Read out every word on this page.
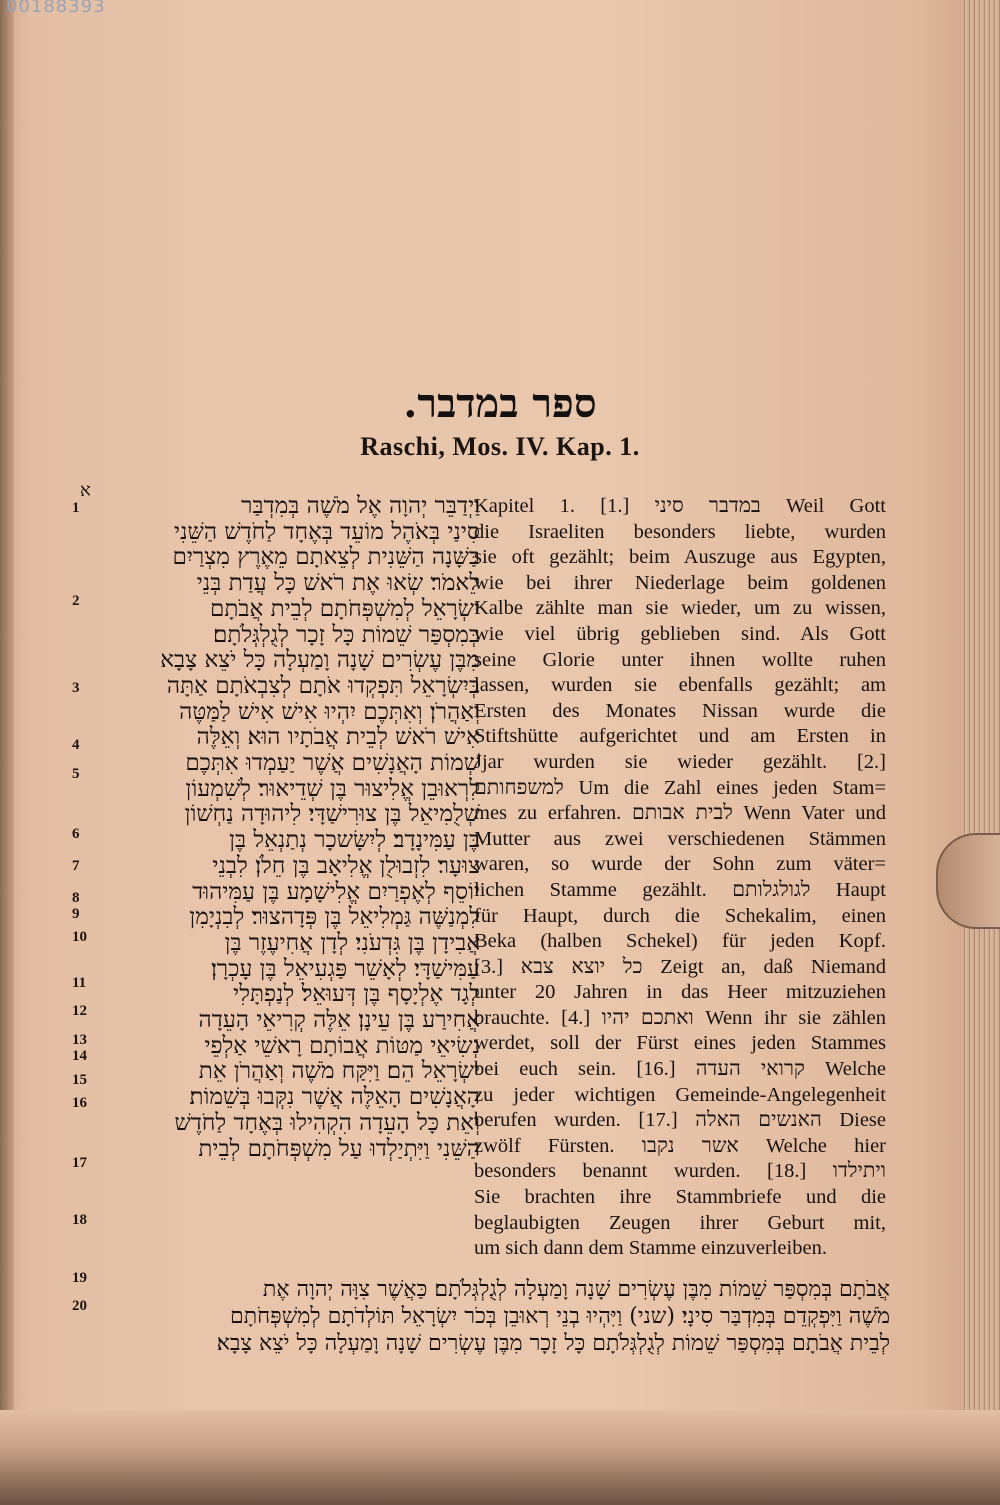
00188393
ספר במדבר.
Raschi, Mos. IV. Kap. 1.
א
1
2
3
4
5
6
7
8
9
10
11
12
13
14
15
16
17
18
19
20
וַיְדַבֵּר יְהוָה אֶל מֹשֶׁה בְּמִדְבַּר
סִינַי בְּאֹהֶל מוֹעֵד בְּאֶחָד לַחֹדֶשׁ הַשֵּׁנִי
בַּשָּׁנָה הַשֵּׁנִית לְצֵאתָם מֵאֶרֶץ מִצְרַיִם
לֵאמֹר׃ שְׂאוּ אֶת רֹאשׁ כָּל עֲדַת בְּנֵי
יִשְׂרָאֵל לְמִשְׁפְּחֹתָם לְבֵית אֲבֹתָם
בְּמִסְפַּר שֵׁמוֹת כָּל זָכָר לְגֻלְגְּלֹתָם׃
מִבֶּן עֶשְׂרִים שָׁנָה וָמַעְלָה כָּל יֹצֵא צָבָא
בְּיִשְׂרָאֵל תִּפְקְדוּ אֹתָם לְצִבְאֹתָם אַתָּה
וְאַהֲרֹן׃ וְאִתְּכֶם יִהְיוּ אִישׁ אִישׁ לַמַּטֶּה
אִישׁ רֹאשׁ לְבֵית אֲבֹתָיו הוּא׃ וְאֵלֶּה
שְׁמוֹת הָאֲנָשִׁים אֲשֶׁר יַעַמְדוּ אִתְּכֶם
לִרְאוּבֵן אֱלִיצוּר בֶּן שְׁדֵיאוּר׃ לְשִׁמְעוֹן
שְׁלֻמִיאֵל בֶּן צוּרִישַׁדָּי׃ לִיהוּדָה נַחְשׁוֹן
בֶּן עַמִּינָדָב׃ לְיִשָּׂשכָר נְתַנְאֵל בֶּן
צוּעָר׃ לִזְבוּלֻן אֱלִיאָב בֶּן חֵלֹן׃ לִבְנֵי
יוֹסֵף לְאֶפְרַיִם אֱלִישָׁמָע בֶּן עַמִּיהוּד
לִמְנַשֶּׁה גַּמְלִיאֵל בֶּן פְּדָהצוּר׃ לְבִנְיָמִן
אֲבִידָן בֶּן גִּדְעֹנִי׃ לְדָן אֲחִיעֶזֶר בֶּן
עַמִּישַׁדָּי׃ לְאָשֵׁר פַּגְעִיאֵל בֶּן עָכְרָן׃
לְגָד אֶלְיָסָף בֶּן דְּעוּאֵל׃ לְנַפְתָּלִי
אֲחִירַע בֶּן עֵינָן׃ אֵלֶּה קְרִיאֵי הָעֵדָה
נְשִׂיאֵי מַטּוֹת אֲבוֹתָם רָאשֵׁי אַלְפֵי
יִשְׂרָאֵל הֵם׃ וַיִּקַּח מֹשֶׁה וְאַהֲרֹן אֵת
הָאֲנָשִׁים הָאֵלֶּה אֲשֶׁר נִקְּבוּ בְּשֵׁמוֹת׃
וְאֵת כָּל הָעֵדָה הִקְהִילוּ בְּאֶחָד לַחֹדֶשׁ
הַשֵּׁנִי וַיִּתְיַלְדוּ עַל מִשְׁפְּחֹתָם לְבֵית
Kapitel 1. [1.] במדבר סיני Weil Gott
die Israeliten besonders liebte, wurden
sie oft gezählt; beim Auszuge aus Egypten,
wie bei ihrer Niederlage beim goldenen
Kalbe zählte man sie wieder, um zu wissen,
wie viel übrig geblieben sind. Als Gott
seine Glorie unter ihnen wollte ruhen
lassen, wurden sie ebenfalls gezählt; am
Ersten des Monates Nissan wurde die
Stiftshütte aufgerichtet und am Ersten in
Jjar wurden sie wieder gezählt. [2.]
למשפחותם Um die Zahl eines jeden Stam=
mes zu erfahren. לבית אבותם Wenn Vater und
Mutter aus zwei verschiedenen Stämmen
waren, so wurde der Sohn zum väter=
lichen Stamme gezählt. לגולגלותם Haupt
für Haupt, durch die Schekalim, einen
Beka (halben Schekel) für jeden Kopf.
[3.] כל יוצא צבא Zeigt an, daß Niemand
unter 20 Jahren in das Heer mitzuziehen
brauchte. [4.] ואתכם יהיו Wenn ihr sie zählen
werdet, soll der Fürst eines jeden Stammes
bei euch sein. [16.] קרואי העדה Welche
zu jeder wichtigen Gemeinde-Angelegenheit
berufen wurden. [17.] האנשים האלה Diese
zwölf Fürsten. אשר נקבו Welche hier
besonders benannt wurden. [18.] ויתילדו
Sie brachten ihre Stammbriefe und die
beglaubigten Zeugen ihrer Geburt mit,
um sich dann dem Stamme einzuverleiben.
אֲבֹתָם בְּמִסְפַּר שֵׁמוֹת מִבֶּן עֶשְׂרִים שָׁנָה וָמַעְלָה לְגֻלְגְּלֹתָם׃ כַּאֲשֶׁר צִוָּה יְהוָה אֶת
מֹשֶׁה וַיִּפְקְדֵם בְּמִדְבַּר סִינָי׃ (שני) וַיִּהְיוּ בְנֵי רְאוּבֵן בְּכֹר יִשְׂרָאֵל תּוֹלְדֹתָם לְמִשְׁפְּחֹתָם
לְבֵית אֲבֹתָם בְּמִסְפַּר שֵׁמוֹת לְגֻלְגְּלֹתָם כָּל זָכָר מִבֶּן עֶשְׂרִים שָׁנָה וָמַעְלָה כָּל יֹצֵא צָבָא׃
